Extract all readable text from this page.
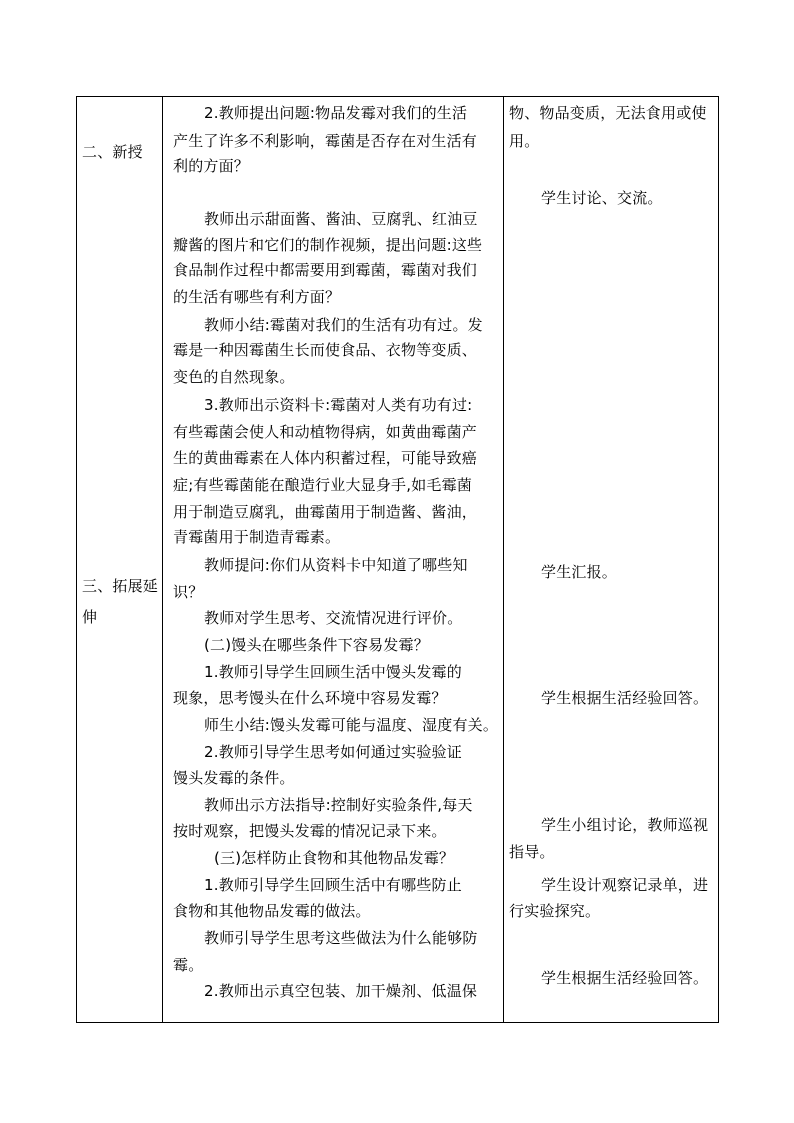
二、新授

三、拓展延

伸

2.教师提出问题:物品发霉对我们的生活

产生了许多不利影响，霉菌是否存在对生活有

利的方面？

教师出示甜面酱、酱油、豆腐乳、红油豆

瓣酱的图片和它们的制作视频，提出问题:这些

食品制作过程中都需要用到霉菌，霉菌对我们

的生活有哪些有利方面？

教师小结:霉菌对我们的生活有功有过。发

霉是一种因霉菌生长而使食品、衣物等变质、

变色的自然现象。

3.教师出示资料卡:霉菌对人类有功有过:

有些霉菌会使人和动植物得病，如黄曲霉菌产

生的黄曲霉素在人体内积蓄过程，可能导致癌

症;有些霉菌能在酿造行业大显身手,如毛霉菌

用于制造豆腐乳，曲霉菌用于制造酱、酱油，

青霉菌用于制造青霉素。

教师提问:你们从资料卡中知道了哪些知

识？

教师对学生思考、交流情况进行评价。

(二)馒头在哪些条件下容易发霉？

1.教师引导学生回顾生活中馒头发霉的

现象，思考馒头在什么环境中容易发霉？

师生小结:馒头发霉可能与温度、湿度有关。

2.教师引导学生思考如何通过实验验证

馒头发霉的条件。

教师出示方法指导:控制好实验条件,每天

按时观察，把馒头发霉的情况记录下来。

(三)怎样防止食物和其他物品发霉？

1.教师引导学生回顾生活中有哪些防止

食物和其他物品发霉的做法。

教师引导学生思考这些做法为什么能够防

霉。

2.教师出示真空包装、加干燥剂、低温保

物、物品变质，无法食用或使

用。

学生讨论、交流。

学生汇报。

学生根据生活经验回答。

学生小组讨论，教师巡视

指导。

学生设计观察记录单，进

行实验探究。

学生根据生活经验回答。
